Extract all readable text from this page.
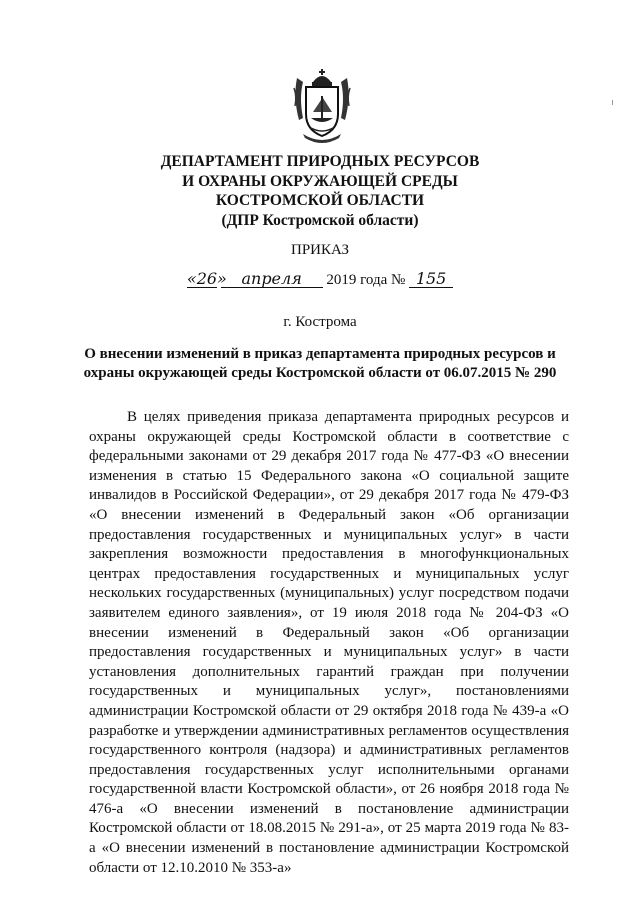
ДЕПАРТАМЕНТ ПРИРОДНЫХ РЕСУРСОВ
И ОХРАНЫ ОКРУЖАЮЩЕЙ СРЕДЫ
КОСТРОМСКОЙ ОБЛАСТИ
(ДПР Костромской области)
ПРИКАЗ
«26» апреля 2019 года № 155
г. Кострома
О внесении изменений в приказ департамента природных ресурсов и
охраны окружающей среды Костромской области от 06.07.2015 № 290

В целях приведения приказа департамента природных ресурсов и охраны окружающей среды Костромской области в соответствие с федеральными законами от 29 декабря 2017 года № 477-ФЗ «О внесении изменения в статью 15 Федерального закона «О социальной защите инвалидов в Российской Федерации», от 29 декабря 2017 года № 479-ФЗ «О внесении изменений в Федеральный закон «Об организации предоставления государственных и муниципальных услуг» в части закрепления возможности предоставления в многофункциональных центрах предоставления государственных и муниципальных услуг нескольких государственных (муниципальных) услуг посредством подачи заявителем единого заявления», от 19 июля 2018 года № 204-ФЗ «О внесении изменений в Федеральный закон «Об организации предоставления государственных и муниципальных услуг» в части установления дополнительных гарантий граждан при получении государственных и муниципальных услуг», постановлениями администрации Костромской области от 29 октября 2018 года № 439-а «О разработке и утверждении административных регламентов осуществления государственного контроля (надзора) и административных регламентов предоставления государственных услуг исполнительными органами государственной власти Костромской области», от 26 ноября 2018 года № 476-а «О внесении изменений в постановление администрации Костромской области от 18.08.2015 № 291-а», от 25 марта 2019 года № 83-а «О внесении изменений в постановление администрации Костромской области от 12.10.2010 № 353-а»
